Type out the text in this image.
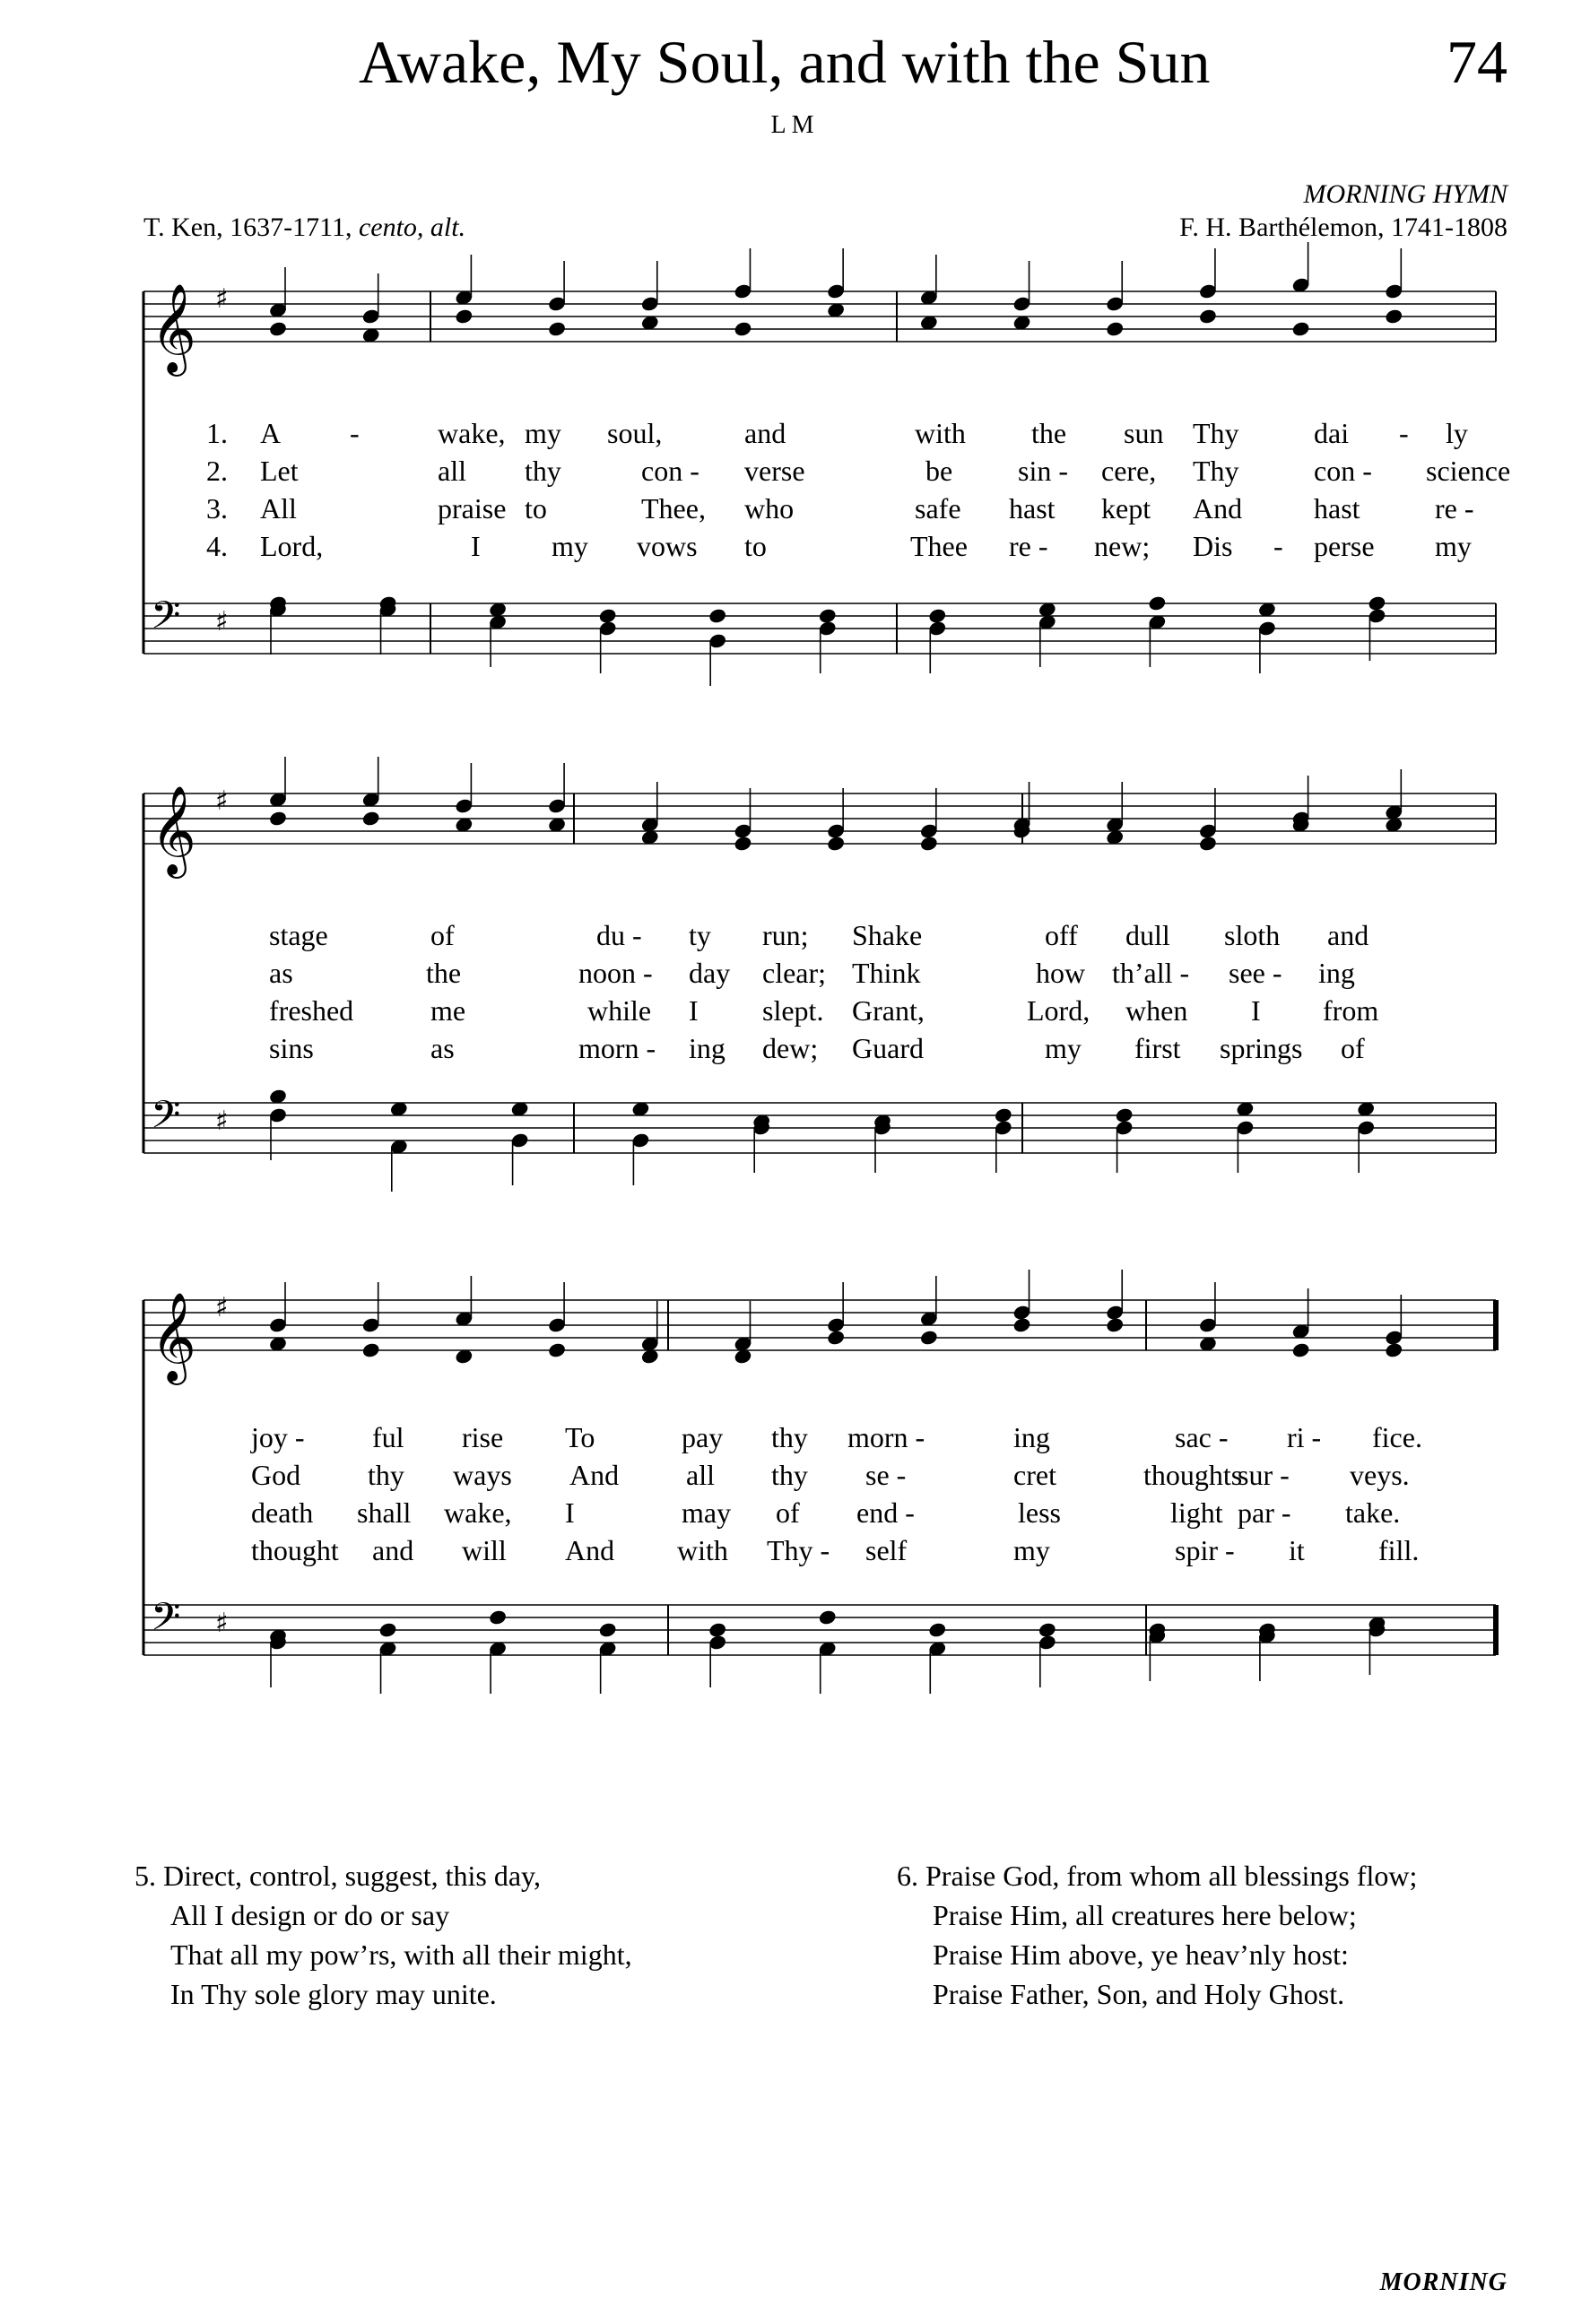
Awake, My Soul, and with the Sun	74
LM
MORNING HYMN
T. Ken, 1637-1711, cento, alt.	F. H. Barthélemon, 1741-1808
𝄞 ♯
𝄢 ♯
𝄞 ♯
𝄢 ♯
𝄞 ♯
𝄢 ♯
1. A -	wake, my soul,	and	with the sun Thy	dai - ly
2. Let	all thy	con - verse	be sin - cere, Thy	con - science
3. All	praise to	Thee, who	safe hast kept And hast	re -
4. Lord,	I my vows to	Thee re - new; Dis - perse my
stage	of	du - ty run; Shake	off dull sloth and
as	the	noon - day clear; Think	how th’all - see - ing
freshed	me	while I slept. Grant,	Lord, when I from
sins	as	morn - ing dew; Guard	my first springs of
joy - ful rise To	pay thy morn -	ing	sac - ri - fice.
God thy ways And all thy se -	cret	thoughts
sur - veys.
death shall wake, I	may of end -	less	light par - take.
thought and will And with Thy - self	my	spir - it	fill.
5. Direct, control, suggest, this day,
All I design or do or say
That all my pow’rs, with all their might,
In Thy sole glory may unite.
6. Praise God, from whom all blessings flow;
Praise Him, all creatures here below;
Praise Him above, ye heav’nly host:
Praise Father, Son, and Holy Ghost.
MORNING
